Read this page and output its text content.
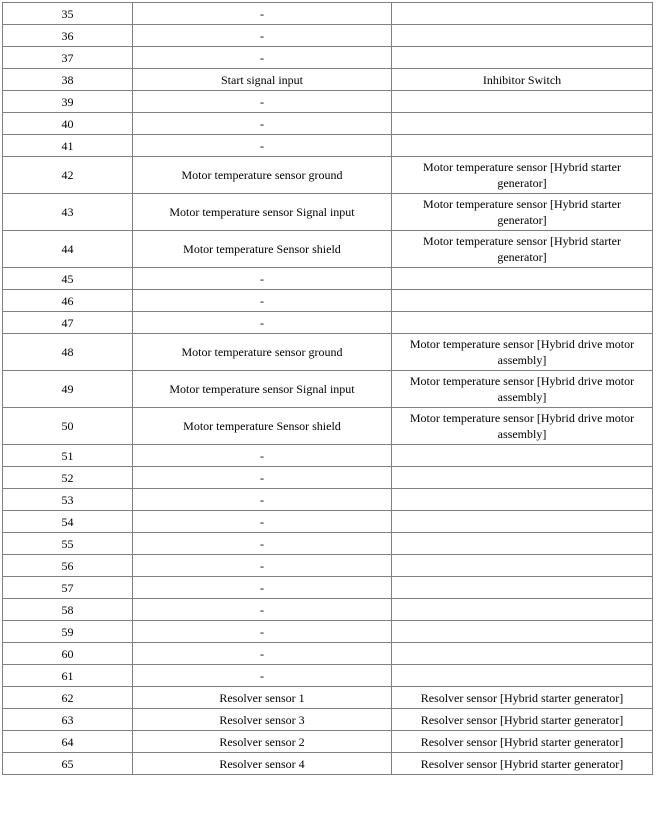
35	-	
36	-	
37	-	
38	Start signal input	Inhibitor Switch
39	-	
40	-	
41	-	
42	Motor temperature sensor ground	Motor temperature sensor [Hybrid starter generator]
43	Motor temperature sensor Signal input	Motor temperature sensor [Hybrid starter generator]
44	Motor temperature Sensor shield	Motor temperature sensor [Hybrid starter generator]
45	-	
46	-	
47	-	
48	Motor temperature sensor ground	Motor temperature sensor [Hybrid drive motor assembly]
49	Motor temperature sensor Signal input	Motor temperature sensor [Hybrid drive motor assembly]
50	Motor temperature Sensor shield	Motor temperature sensor [Hybrid drive motor assembly]
51	-	
52	-	
53	-	
54	-	
55	-	
56	-	
57	-	
58	-	
59	-	
60	-	
61	-	
62	Resolver sensor 1	Resolver sensor [Hybrid starter generator]
63	Resolver sensor 3	Resolver sensor [Hybrid starter generator]
64	Resolver sensor 2	Resolver sensor [Hybrid starter generator]
65	Resolver sensor 4	Resolver sensor [Hybrid starter generator]
